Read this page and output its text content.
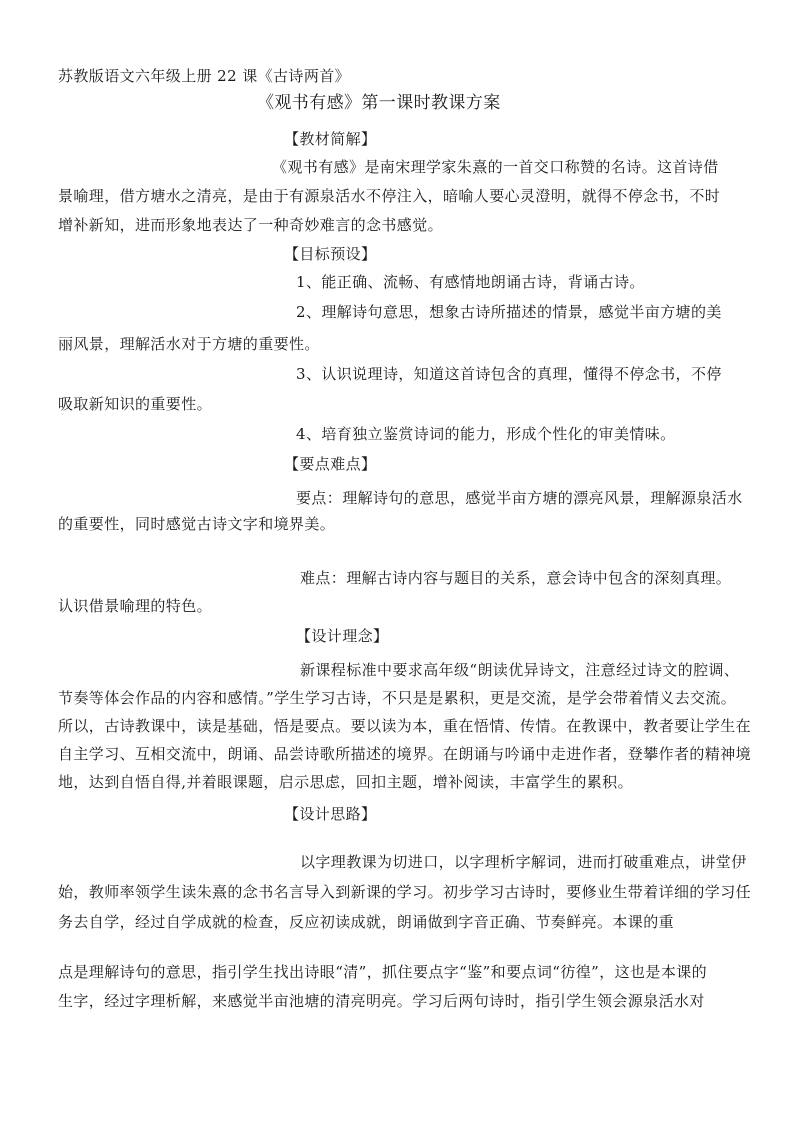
苏教版语文六年级上册 22 课《古诗两首》
《观书有感》第一课时教课方案
【教材简解】
《观书有感》是南宋理学家朱熹的一首交口称赞的名诗。这首诗借
景喻理，借方塘水之清亮，是由于有源泉活水不停注入，暗喻人要心灵澄明，就得不停念书，不时
增补新知，进而形象地表达了一种奇妙难言的念书感觉。
【目标预设】
1、能正确、流畅、有感情地朗诵古诗，背诵古诗。
2、理解诗句意思，想象古诗所描述的情景，感觉半亩方塘的美
丽风景，理解活水对于方塘的重要性。
3、认识说理诗，知道这首诗包含的真理，懂得不停念书，不停
吸取新知识的重要性。
4、培育独立鉴赏诗词的能力，形成个性化的审美情味。
【要点难点】
要点：理解诗句的意思，感觉半亩方塘的漂亮风景，理解源泉活水
的重要性，同时感觉古诗文字和境界美。
难点：理解古诗内容与题目的关系，意会诗中包含的深刻真理。
认识借景喻理的特色。
【设计理念】
新课程标准中要求高年级“朗读优异诗文，注意经过诗文的腔调、
节奏等体会作品的内容和感情。”学生学习古诗，不只是是累积，更是交流，是学会带着情义去交流。
所以，古诗教课中，读是基础，悟是要点。要以读为本，重在悟情、传情。在教课中，教者要让学生在
自主学习、互相交流中，朗诵、品尝诗歌所描述的境界。在朗诵与吟诵中走进作者，登攀作者的精神境
地，达到自悟自得,并着眼课题，启示思虑，回扣主题，增补阅读，丰富学生的累积。
【设计思路】
以字理教课为切进口，以字理析字解词，进而打破重难点，讲堂伊
始，教师率领学生读朱熹的念书名言导入到新课的学习。初步学习古诗时，要修业生带着详细的学习任
务去自学，经过自学成就的检查，反应初读成就，朗诵做到字音正确、节奏鲜亮。本课的重
点是理解诗句的意思，指引学生找出诗眼“清”，抓住要点字“鉴”和要点词“彷徨”，这也是本课的
生字，经过字理析解，来感觉半亩池塘的清亮明亮。学习后两句诗时，指引学生领会源泉活水对
